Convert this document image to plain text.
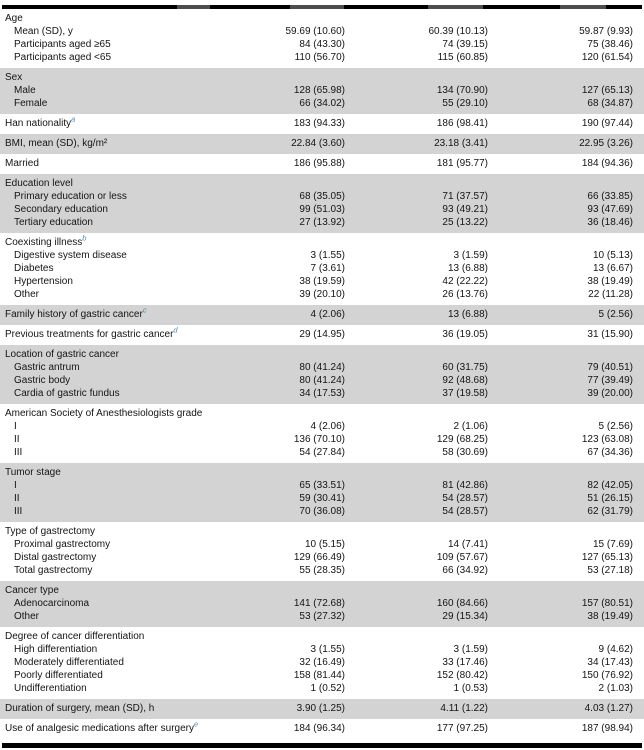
Age
Mean (SD), y	59.69 (10.60)	60.39 (10.13)	59.87 (9.93)
Participants aged ≥65	84 (43.30)	74 (39.15)	75 (38.46)
Participants aged <65	110 (56.70)	115 (60.85)	120 (61.54)
Sex
Male	128 (65.98)	134 (70.90)	127 (65.13)
Female	66 (34.02)	55 (29.10)	68 (34.87)
Han nationality$^a$	183 (94.33)	186 (98.41)	190 (97.44)
BMI, mean (SD), kg/m²	22.84 (3.60)	23.18 (3.41)	22.95 (3.26)
Married	186 (95.88)	181 (95.77)	184 (94.36)
Education level
Primary education or less	68 (35.05)	71 (37.57)	66 (33.85)
Secondary education	99 (51.03)	93 (49.21)	93 (47.69)
Tertiary education	27 (13.92)	25 (13.22)	36 (18.46)
Coexisting illness$^b$
Digestive system disease	3 (1.55)	3 (1.59)	10 (5.13)
Diabetes	7 (3.61)	13 (6.88)	13 (6.67)
Hypertension	38 (19.59)	42 (22.22)	38 (19.49)
Other	39 (20.10)	26 (13.76)	22 (11.28)
Family history of gastric cancer$^c$	4 (2.06)	13 (6.88)	5 (2.56)
Previous treatments for gastric cancer$^d$	29 (14.95)	36 (19.05)	31 (15.90)
Location of gastric cancer
Gastric antrum	80 (41.24)	60 (31.75)	79 (40.51)
Gastric body	80 (41.24)	92 (48.68)	77 (39.49)
Cardia of gastric fundus	34 (17.53)	37 (19.58)	39 (20.00)
American Society of Anesthesiologists grade
I	4 (2.06)	2 (1.06)	5 (2.56)
II	136 (70.10)	129 (68.25)	123 (63.08)
III	54 (27.84)	58 (30.69)	67 (34.36)
Tumor stage
I	65 (33.51)	81 (42.86)	82 (42.05)
II	59 (30.41)	54 (28.57)	51 (26.15)
III	70 (36.08)	54 (28.57)	62 (31.79)
Type of gastrectomy
Proximal gastrectomy	10 (5.15)	14 (7.41)	15 (7.69)
Distal gastrectomy	129 (66.49)	109 (57.67)	127 (65.13)
Total gastrectomy	55 (28.35)	66 (34.92)	53 (27.18)
Cancer type
Adenocarcinoma	141 (72.68)	160 (84.66)	157 (80.51)
Other	53 (27.32)	29 (15.34)	38 (19.49)
Degree of cancer differentiation
High differentiation	3 (1.55)	3 (1.59)	9 (4.62)
Moderately differentiated	32 (16.49)	33 (17.46)	34 (17.43)
Poorly differentiated	158 (81.44)	152 (80.42)	150 (76.92)
Undifferentiation	1 (0.52)	1 (0.53)	2 (1.03)
Duration of surgery, mean (SD), h	3.90 (1.25)	4.11 (1.22)	4.03 (1.27)
Use of analgesic medications after surgery$^e$	184 (96.34)	177 (97.25)	187 (98.94)
